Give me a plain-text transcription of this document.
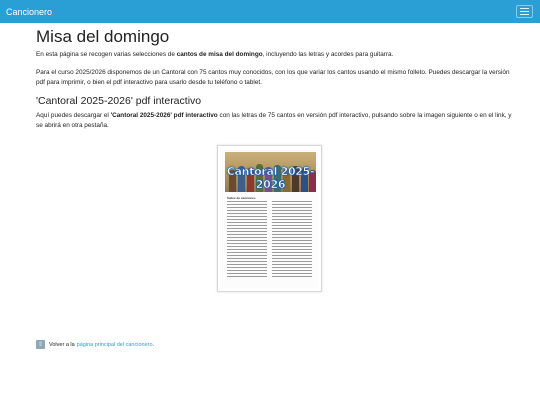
Cancionero
Misa del domingo

En esta página se recogen varias selecciones de cantos de misa del domingo, incluyendo las letras y acordes para guitarra.

Para el curso 2025/2026 disponemos de un Cantoral con 75 cantos muy conocidos, con los que variar los cantos usando el mismo folleto. Puedes descargar la versión pdf para imprimir, o bien el pdf interactivo para usarlo desde tu teléfono o tablet.

'Cantoral 2025-2026' pdf interactivo

Aquí puedes descargar el 'Cantoral 2025-2026' pdf interactivo con las letras de 75 cantos en versión pdf interactivo, pulsando sobre la imagen siguiente o en el link, y se abrirá en otra pestaña.

Cantoral 2025-2026
Índice de canciones
⇧	Volver a la página principal del cancionero .
